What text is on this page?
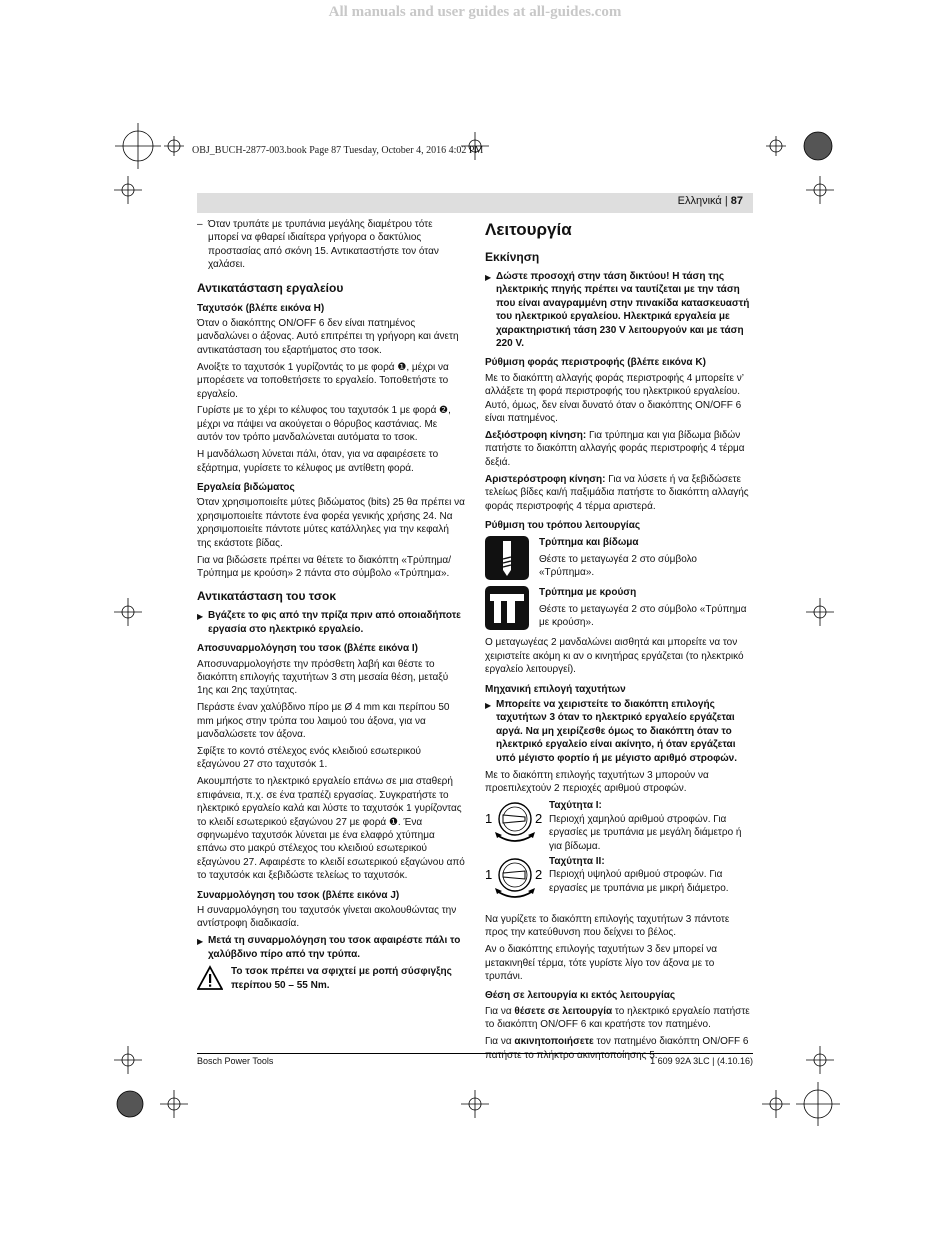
All manuals and user guides at all-guides.com
OBJ_BUCH-2877-003.book Page 87 Tuesday, October 4, 2016 4:02 PM
Ελληνικά | 87
– Όταν τρυπάτε με τρυπάνια μεγάλης διαμέτρου τότε μπορεί να φθαρεί ιδιαίτερα γρήγορα ο δακτύλιος προστασίας από σκόνη 15. Αντικαταστήστε τον όταν χαλάσει.
Αντικατάσταση εργαλείου
Ταχυτσόκ (βλέπε εικόνα H)

Όταν ο διακόπτης ON/OFF 6 δεν είναι πατημένος μανδαλώνει ο άξονας. Αυτό επιτρέπει τη γρήγορη και άνετη αντικατάσταση του εξαρτήματος στο τσοκ.

Ανοίξτε το ταχυτσόκ 1 γυρίζοντάς το με φορά ❶, μέχρι να μπορέσετε να τοποθετήσετε το εργαλείο. Τοποθετήστε το εργαλείο.

Γυρίστε με το χέρι το κέλυφος του ταχυτσόκ 1 με φορά ❷, μέχρι να πάψει να ακούγεται ο θόρυβος καστάνιας. Με αυτόν τον τρόπο μανδαλώνεται αυτόματα το τσοκ.

Η μανδάλωση λύνεται πάλι, όταν, για να αφαιρέσετε το εξάρτημα, γυρίσετε το κέλυφος με αντίθετη φορά.

Εργαλεία βιδώματος

Όταν χρησιμοποιείτε μύτες βιδώματος (bits) 25 θα πρέπει να χρησιμοποιείτε πάντοτε ένα φορέα γενικής χρήσης 24. Να χρησιμοποιείτε πάντοτε μύτες κατάλληλες για την κεφαλή της εκάστοτε βίδας.

Για να βιδώσετε πρέπει να θέτετε το διακόπτη «Τρύπημα/Τρύπημα με κρούση» 2 πάντα στο σύμβολο «Τρύπημα».

Αντικατάσταση του τσοκ
▶ Βγάζετε το φις από την πρίζα πριν από οποιαδήποτε εργασία στο ηλεκτρικό εργαλείο.
Αποσυναρμολόγηση του τσοκ (βλέπε εικόνα I)

Αποσυναρμολογήστε την πρόσθετη λαβή και θέστε το διακόπτη επιλογής ταχυτήτων 3 στη μεσαία θέση, μεταξύ 1ης και 2ης ταχύτητας.

Περάστε έναν χαλύβδινο πίρο με Ø 4 mm και περίπου 50 mm μήκος στην τρύπα του λαιμού του άξονα, για να μανδαλώσετε τον άξονα.

Σφίξτε το κοντό στέλεχος ενός κλειδιού εσωτερικού εξαγώνου 27 στο ταχυτσόκ 1.

Ακουμπήστε το ηλεκτρικό εργαλείο επάνω σε μια σταθερή επιφάνεια, π.χ. σε ένα τραπέζι εργασίας. Συγκρατήστε το ηλεκτρικό εργαλείο καλά και λύστε το ταχυτσόκ 1 γυρίζοντας το κλειδί εσωτερικού εξαγώνου 27 με φορά ❶. Ένα σφηνωμένο ταχυτσόκ λύνεται με ένα ελαφρό χτύπημα επάνω στο μακρύ στέλεχος του κλειδιού εσωτερικού εξαγώνου 27. Αφαιρέστε το κλειδί εσωτερικού εξαγώνου από το ταχυτσόκ και ξεβιδώστε τελείως το ταχυτσόκ.

Συναρμολόγηση του τσοκ (βλέπε εικόνα J)

Η συναρμολόγηση του ταχυτσόκ γίνεται ακολουθώντας την αντίστροφη διαδικασία.

▶ Μετά τη συναρμολόγηση του τσοκ αφαιρέστε πάλι το χαλύβδινο πίρο από την τρύπα.
Το τσοκ πρέπει να σφιχτεί με ροπή σύσφιγξης περίπου 50 – 55 Nm.
Λειτουργία
Εκκίνηση
▶ Δώστε προσοχή στην τάση δικτύου! Η τάση της ηλεκτρικής πηγής πρέπει να ταυτίζεται με την τάση που είναι αναγραμμένη στην πινακίδα κατασκευαστή του ηλεκτρικού εργαλείου. Ηλεκτρικά εργαλεία με χαρακτηριστική τάση 230 V λειτουργούν και με τάση 220 V.
Ρύθμιση φοράς περιστροφής (βλέπε εικόνα K)

Με το διακόπτη αλλαγής φοράς περιστροφής 4 μπορείτε ν’ αλλάξετε τη φορά περιστροφής του ηλεκτρικού εργαλείου. Αυτό, όμως, δεν είναι δυνατό όταν ο διακόπτης ON/OFF 6 είναι πατημένος.

Δεξιόστροφη κίνηση: Για τρύπημα και για βίδωμα βιδών πατήστε το διακόπτη αλλαγής φοράς περιστροφής 4 τέρμα δεξιά.

Αριστερόστροφη κίνηση: Για να λύσετε ή να ξεβιδώσετε τελείως βίδες και/ή παξιμάδια πατήστε το διακόπτη αλλαγής φοράς περιστροφής 4 τέρμα αριστερά.

Ρύθμιση του τρόπου λειτουργίας
Τρύπημα και βίδωμα
Θέστε το μεταγωγέα 2 στο σύμβολο «Τρύπημα».
Τρύπημα με κρούση
Θέστε το μεταγωγέα 2 στο σύμβολο «Τρύπημα με κρούση».

Ο μεταγωγέας 2 μανδαλώνει αισθητά και μπορείτε να τον χειριστείτε ακόμη κι αν ο κινητήρας εργάζεται (το ηλεκτρικό εργαλείο λειτουργεί).

Μηχανική επιλογή ταχυτήτων
▶ Μπορείτε να χειριστείτε το διακόπτη επιλογής ταχυτήτων 3 όταν το ηλεκτρικό εργαλείο εργάζεται αργά. Να μη χειρίζεσθε όμως το διακόπτη όταν το ηλεκτρικό εργαλείο είναι ακίνητο, ή όταν εργάζεται υπό μέγιστο φορτίο ή με μέγιστο αριθμό στροφών.

Με το διακόπτη επιλογής ταχυτήτων 3 μπορούν να προεπιλεχτούν 2 περιοχές αριθμού στροφών.

1	2
Ταχύτητα I:
Περιοχή χαμηλού αριθμού στροφών. Για εργασίες με τρυπάνια με μεγάλη διάμετρο ή για βίδωμα.
1	2
Ταχύτητα II:
Περιοχή υψηλού αριθμού στροφών. Για εργασίες με τρυπάνια με μικρή διάμετρο.

Να γυρίζετε το διακόπτη επιλογής ταχυτήτων 3 πάντοτε προς την κατεύθυνση που δείχνει το βέλος.

Αν ο διακόπτης επιλογής ταχυτήτων 3 δεν μπορεί να μετακινηθεί τέρμα, τότε γυρίστε λίγο τον άξονα με το τρυπάνι.

Θέση σε λειτουργία κι εκτός λειτουργίας

Για να θέσετε σε λειτουργία το ηλεκτρικό εργαλείο πατήστε το διακόπτη ON/OFF 6 και κρατήστε τον πατημένο.

Για να ακινητοποιήσετε τον πατημένο διακόπτη ON/OFF 6 πατήστε το πλήκτρο ακινητοποίησης 5.

Bosch Power Tools	1 609 92A 3LC | (4.10.16)
